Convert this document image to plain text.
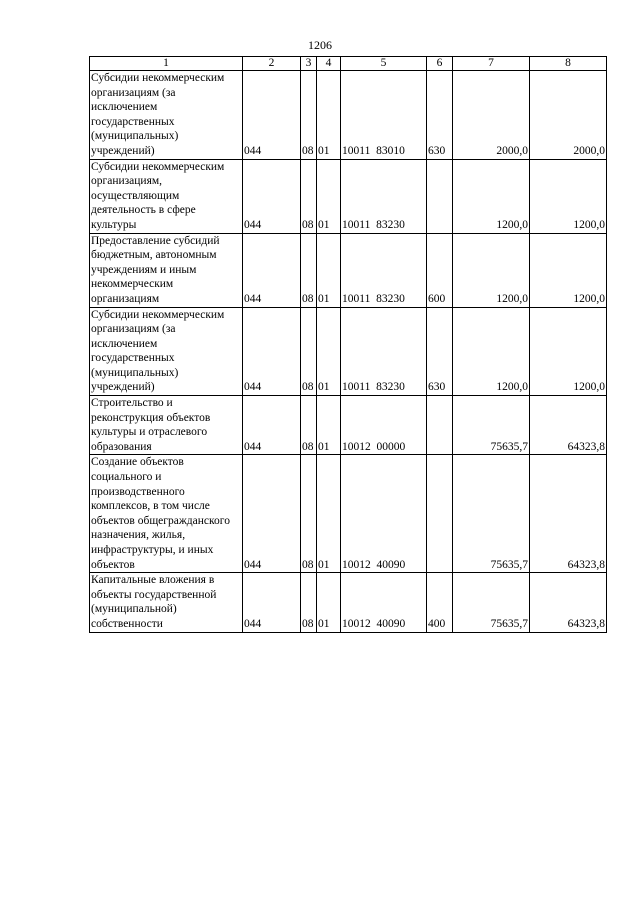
1206
1	2	3	4	5	6	7	8
Субсидии некоммерческим организациям (за исключением государственных (муниципальных) учреждений)	044	08	01	10011  83010	630	2000,0	2000,0
Субсидии некоммерческим организациям, осуществляющим деятельность в сфере культуры	044	08	01	10011  83230		1200,0	1200,0
Предоставление субсидий бюджетным, автономным учреждениям и иным некоммерческим организациям	044	08	01	10011  83230	600	1200,0	1200,0
Субсидии некоммерческим организациям (за исключением государственных (муниципальных) учреждений)	044	08	01	10011  83230	630	1200,0	1200,0
Строительство и реконструкция объектов культуры и отраслевого образования	044	08	01	10012  00000		75635,7	64323,8
Создание объектов социального и производственного комплексов, в том числе объектов общегражданского назначения, жилья, инфраструктуры, и иных объектов	044	08	01	10012  40090		75635,7	64323,8
Капитальные вложения в объекты государственной (муниципальной) собственности	044	08	01	10012  40090	400	75635,7	64323,8
